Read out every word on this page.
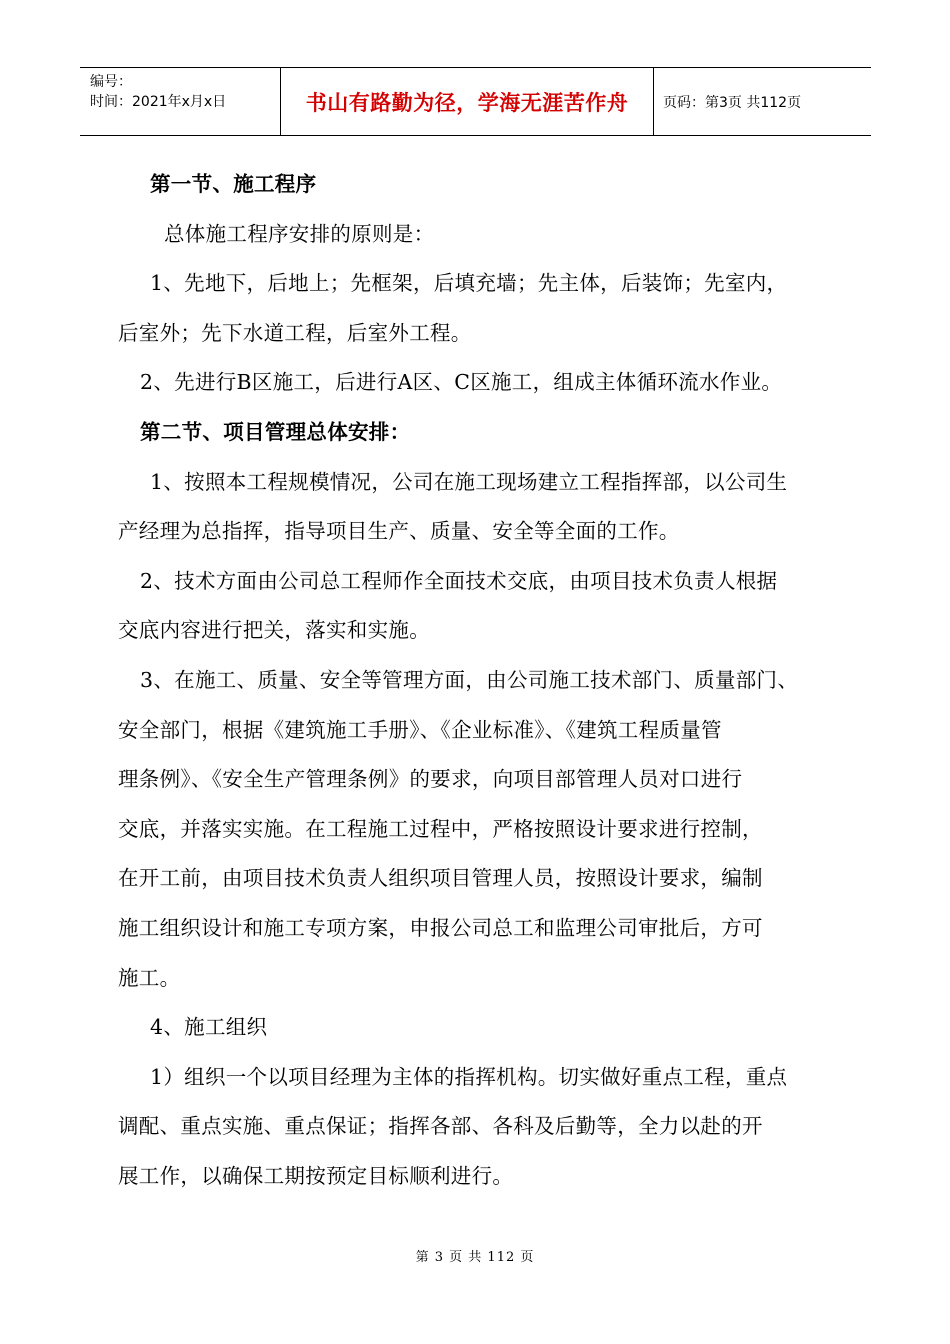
编号：
时间：2021年x月x日	书山有路勤为径，学海无涯苦作舟	页码：第3页 共112页

第一节、施工程序

总体施工程序安排的原则是：

1、先地下，后地上；先框架，后填充墙；先主体，后装饰；先室内，

后室外；先下水道工程，后室外工程。

2、先进行B区施工，后进行A区、C区施工，组成主体循环流水作业。

第二节、项目管理总体安排：

1、按照本工程规模情况，公司在施工现场建立工程指挥部，以公司生

产经理为总指挥，指导项目生产、质量、安全等全面的工作。

2、技术方面由公司总工程师作全面技术交底，由项目技术负责人根据

交底内容进行把关，落实和实施。

3、在施工、质量、安全等管理方面，由公司施工技术部门、质量部门、

安全部门，根据《建筑施工手册》、《企业标准》、《建筑工程质量管

理条例》、《安全生产管理条例》的要求，向项目部管理人员对口进行

交底，并落实实施。在工程施工过程中，严格按照设计要求进行控制，

在开工前，由项目技术负责人组织项目管理人员，按照设计要求，编制

施工组织设计和施工专项方案，申报公司总工和监理公司审批后，方可

施工。

4、施工组织

1）组织一个以项目经理为主体的指挥机构。切实做好重点工程，重点

调配、重点实施、重点保证；指挥各部、各科及后勤等，全力以赴的开

展工作，以确保工期按预定目标顺利进行。

第 3 页 共 112 页
